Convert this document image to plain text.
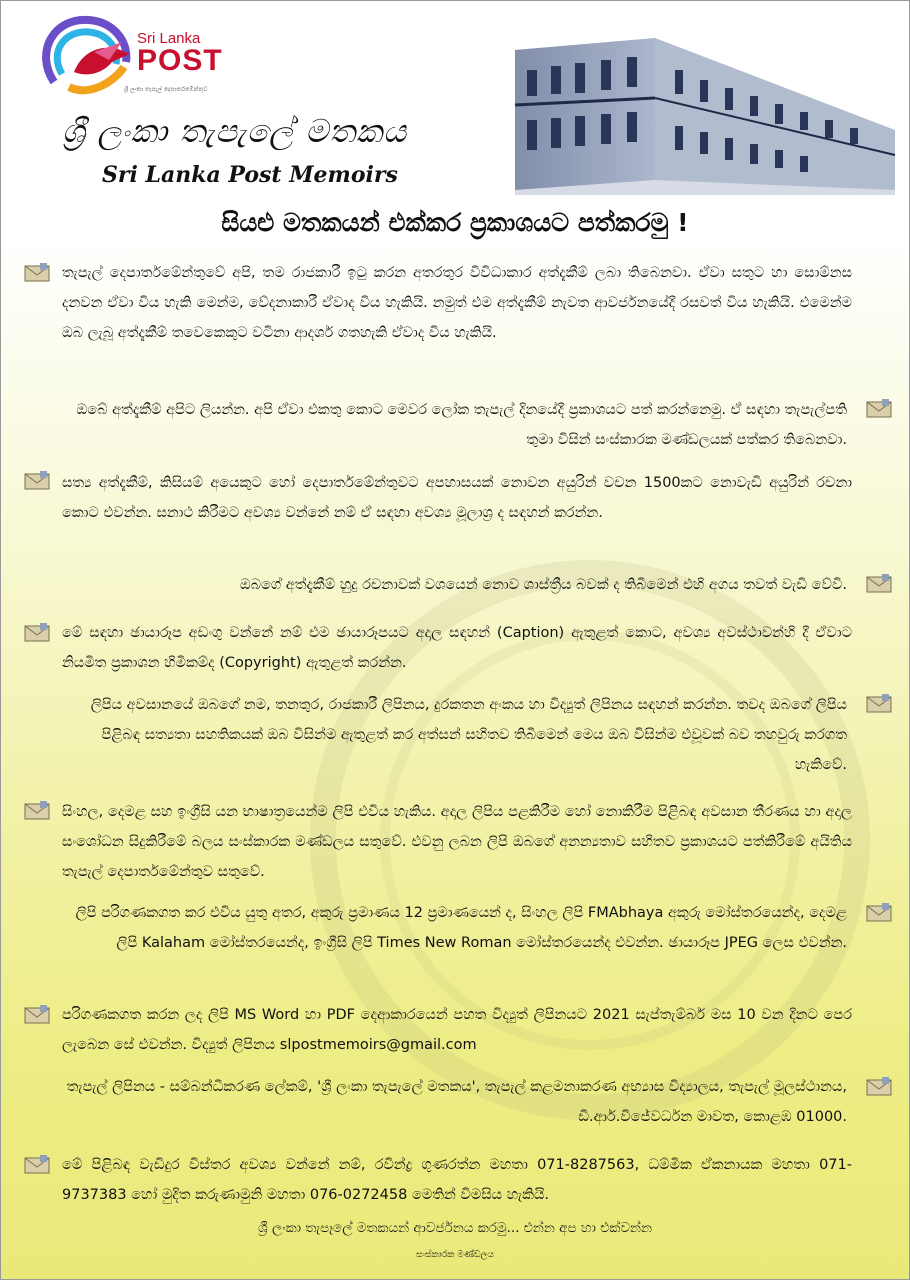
Sri Lanka
POST
ශ්‍රී ලංකා තැපැල් දෙපාර්තමේන්තුව
ශ්‍රී ලංකා තැපැලේ මතකය
Sri Lanka Post Memoirs
සියළු මතකයන් එක්කර ප්‍රකාශයට පත්කරමු !

තැපැල් දෙපාර්තමේන්තුවේ අපි, තම රාජකාරී ඉටු කරන අතරතුර විවිධාකාර අත්දැකීම් ලබා තිබෙනවා. ඒවා සතුට හා සොම්නස දනවන ඒවා විය හැකි මෙන්ම, වේදනාකාරී ඒවාද විය හැකියි. නමුත් එම අත්දැකීම් නැවත ආවර්ජනයේදී රසවත් විය හැකියි. එමෙන්ම ඔබ ලැබූ අත්දැකීම් තවෙකෙකුට වටිනා ආදර්ශ ගතහැකි ඒවාද විය හැකියි.

ඔබේ අත්දැකීම් අපිට ලියන්න. අපි ඒවා එකතු කොට මෙවර ලෝක තැපැල් දිනයේදී ප්‍රකාශයට පත් කරන්නෙමු. ඒ සඳහා තැපැල්පති තුමා විසින් සංස්කාරක මණ්ඩලයක් පත්කර තිබෙනවා.

සත්‍ය අත්දැකීම්, කිසියම් අයෙකුට හෝ දෙපාර්තමේන්තුවට අපහාසයක් නොවන අයුරින් වචන 1500කට නොවැඩි අයුරින් රචනා කොට එවන්න. සනාථ කිරීමට අවශ්‍ය වන්නේ නම් ඒ සඳහා අවශ්‍ය මූලාශ්‍ර ද සඳහන් කරන්න.

ඔබගේ අත්දැකීම් හුදු රචනාවක් වශයෙන් නොව ශාස්ත්‍රීය බවක් ද තිබීමෙන් එහි අගය තවත් වැඩි වේවි.

මේ සඳහා ඡායාරූප අඩංගු වන්නේ නම් එම ඡායාරූපයට අදාල සඳහන් (Caption) ඇතුළත් කොට, අවශ්‍ය අවස්ථාවන්හි දී ඒවාට නියමිත ප්‍රකාශන හිමිකම්ද (Copyright) ඇතුළත් කරන්න.

ලිපිය අවසානයේ ඔබගේ නම, තනතුර, රාජකාරී ලිපිනය, දුරකතන අංකය හා විද්‍යුත් ලිපිනය සඳහන් කරන්න. තවද ඔබගේ ලිපිය පිළිබඳ සත්‍යතා සහතිකයක් ඔබ විසින්ම ඇතුළත් කර අත්සන් සහිතව තිබීමෙන් මෙය ඔබ විසින්ම එවූවක් බව තහවුරු කරගත හැකිවේ.

සිංහල, දෙමළ සහ ඉංග්‍රීසි යන භාෂාත්‍රයෙන්ම ලිපි එවිය හැකිය. අදාල ලිපිය පළකිරීම හෝ නොකිරීම පිළිබඳ අවසාන තීරණය හා අදාල සංශෝධන සිදුකිරීමේ බලය සංස්කාරක මණ්ඩලය සතුවේ. එවනු ලබන ලිපි ඔබගේ අනන්‍යතාව සහිතව ප්‍රකාශයට පත්කිරීමේ අයිතිය තැපැල් දෙපාර්තමේන්තුව සතුවේ.

ලිපි පරිගණකගත කර එවිය යුතු අතර, අකුරු ප්‍රමාණය 12 ප්‍රමාණයෙන් ද, සිංහල ලිපි FMAbhaya අකුරු මෝස්තරයෙන්ද, දෙමළ ලිපි Kalaham මෝස්තරයෙන්ද, ඉංග්‍රීසි ලිපි Times New Roman මෝස්තරයෙන්ද එවන්න. ඡායාරූප JPEG ලෙස එවන්න.

පරිගණකගත කරන ලද ලිපි MS Word හා PDF දෙආකාරයෙන් පහත විද්‍යුත් ලිපිනයට 2021 සැප්තැම්බර් මස 10 වන දිනට පෙර ලැබෙන සේ එවන්න. විද්‍යුත් ලිපිනය slpostmemoirs@gmail.com

තැපැල් ලිපිනය - සම්බන්ධීකරණ ලේකම්, 'ශ්‍රී ලංකා තැපැලේ මතකය', තැපැල් කළමනාකරණ අභ්‍යාස විද්‍යාලය, තැපැල් මූලස්ථානය, ඩී.ආර්.විජේවර්ධන මාවත, කොළඹ 01000.

මේ පිළිබඳ වැඩිදුර විස්තර අවශ්‍ය වන්නේ නම්, රවින්ද්‍ර ගුණරත්න මහතා 071-8287563, ධම්මික ඒකනායක මහතා 071-9737383 හෝ මුදිත කරුණාමුනි මහතා 076-0272458 මෙතින් විමසිය හැකියි.

ශ්‍රී ලංකා තැපෑලේ මතකයන් ආවර්ජනය කරමු... එන්න අප හා එක්වන්න
සංස්කාරක මණ්ඩලය
